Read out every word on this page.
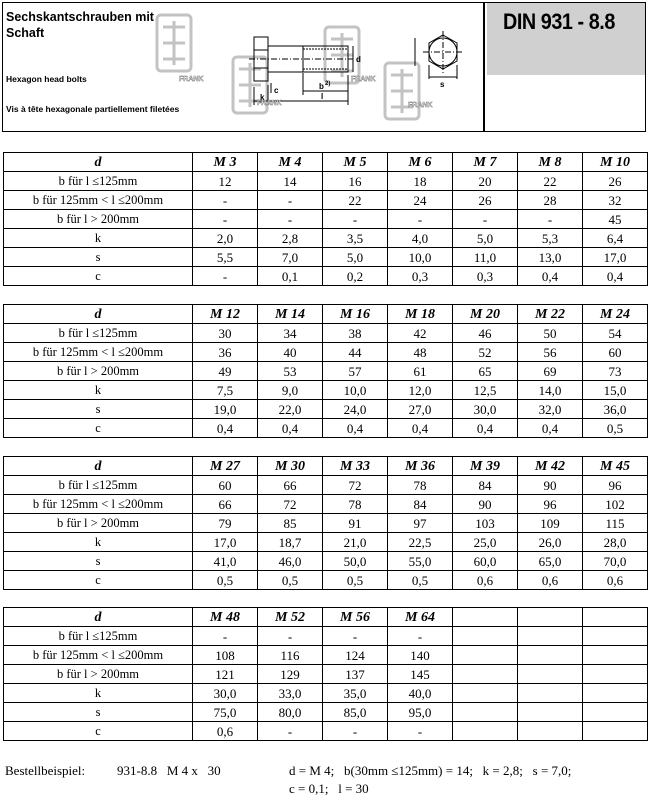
Sechskantschrauben mit Schaft
Hexagon head bolts
Vis à tête hexagonale partiellement filetées
k
c
l
b 2)
d
s
FRANK
FRANK
FRANK
FRANK
DIN 931 - 8.8
d	M 3	M 4	M 5	M 6	M 7	M 8	M 10
b für l ≤125mm	12	14	16	18	20	22	26
b für 125mm < l ≤200mm	-	-	22	24	26	28	32
b für l > 200mm	-	-	-	-	-	-	45
k	2,0	2,8	3,5	4,0	5,0	5,3	6,4
s	5,5	7,0	5,0	10,0	11,0	13,0	17,0
c	-	0,1	0,2	0,3	0,3	0,4	0,4
d	M 12	M 14	M 16	M 18	M 20	M 22	M 24
b für l ≤125mm	30	34	38	42	46	50	54
b für 125mm < l ≤200mm	36	40	44	48	52	56	60
b für l > 200mm	49	53	57	61	65	69	73
k	7,5	9,0	10,0	12,0	12,5	14,0	15,0
s	19,0	22,0	24,0	27,0	30,0	32,0	36,0
c	0,4	0,4	0,4	0,4	0,4	0,4	0,5
d	M 27	M 30	M 33	M 36	M 39	M 42	M 45
b für l ≤125mm	60	66	72	78	84	90	96
b für 125mm < l ≤200mm	66	72	78	84	90	96	102
b für l > 200mm	79	85	91	97	103	109	115
k	17,0	18,7	21,0	22,5	25,0	26,0	28,0
s	41,0	46,0	50,0	55,0	60,0	65,0	70,0
c	0,5	0,5	0,5	0,5	0,6	0,6	0,6
d	M 48	M 52	M 56	M 64			
b für l ≤125mm	-	-	-	-			
b für 125mm < l ≤200mm	108	116	124	140			
b für l > 200mm	121	129	137	145			
k	30,0	33,0	35,0	40,0			
s	75,0	80,0	85,0	95,0			
c	0,6	-	-	-			
Bestellbeispiel: 931-8.8   M 4 x   30	d = M 4;   b(30mm ≤125mm) = 14;   k = 2,8;   s = 7,0;
c = 0,1;   l = 30
